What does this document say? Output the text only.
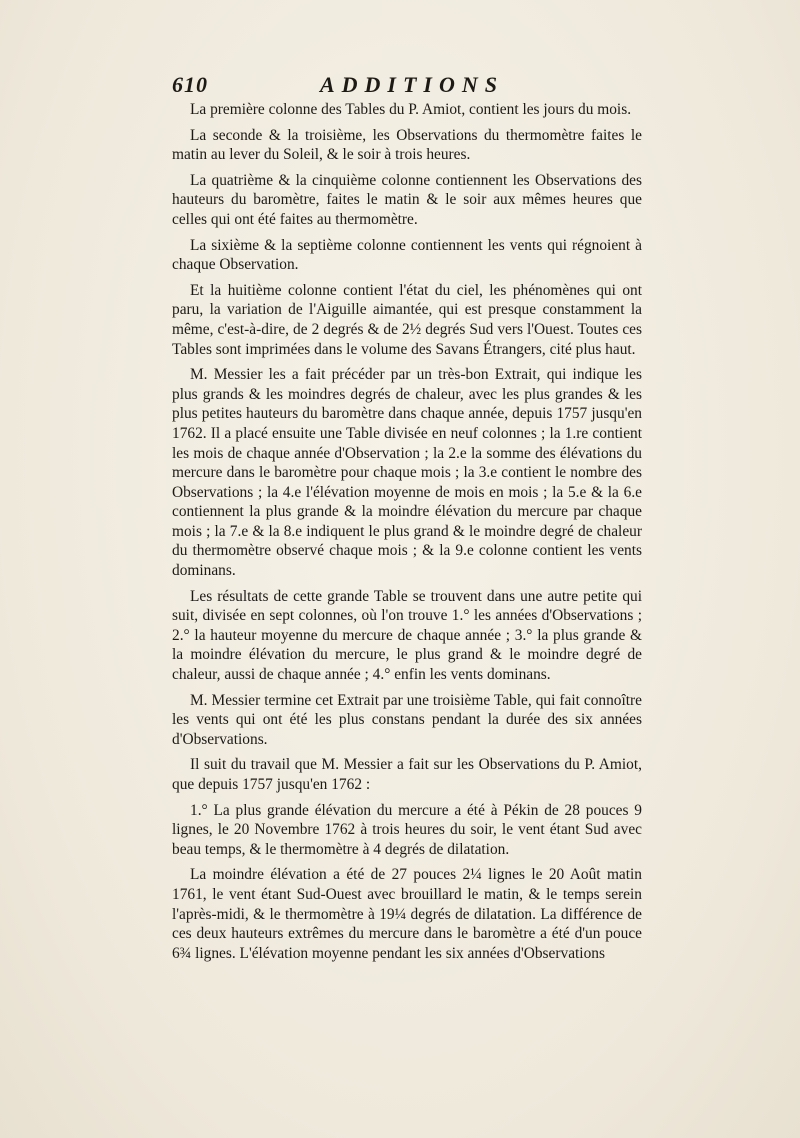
610	ADDITIONS

La première colonne des Tables du P. Amiot, contient les jours du mois.

La seconde & la troisième, les Observations du thermomètre faites le matin au lever du Soleil, & le soir à trois heures.

La quatrième & la cinquième colonne contiennent les Observations des hauteurs du baromètre, faites le matin & le soir aux mêmes heures que celles qui ont été faites au thermomètre.

La sixième & la septième colonne contiennent les vents qui régnoient à chaque Observation.

Et la huitième colonne contient l'état du ciel, les phénomènes qui ont paru, la variation de l'Aiguille aimantée, qui est presque constamment la même, c'est-à-dire, de 2 degrés & de 2½ degrés Sud vers l'Ouest. Toutes ces Tables sont imprimées dans le volume des Savans Étrangers, cité plus haut.

M. Messier les a fait précéder par un très-bon Extrait, qui indique les plus grands & les moindres degrés de chaleur, avec les plus grandes & les plus petites hauteurs du baromètre dans chaque année, depuis 1757 jusqu'en 1762. Il a placé ensuite une Table divisée en neuf colonnes ; la 1.re contient les mois de chaque année d'Observation ; la 2.e la somme des élévations du mercure dans le baromètre pour chaque mois ; la 3.e contient le nombre des Observations ; la 4.e l'élévation moyenne de mois en mois ; la 5.e & la 6.e contiennent la plus grande & la moindre élévation du mercure par chaque mois ; la 7.e & la 8.e indiquent le plus grand & le moindre degré de chaleur du thermomètre observé chaque mois ; & la 9.e colonne contient les vents dominans.

Les résultats de cette grande Table se trouvent dans une autre petite qui suit, divisée en sept colonnes, où l'on trouve 1.° les années d'Observations ; 2.° la hauteur moyenne du mercure de chaque année ; 3.° la plus grande & la moindre élévation du mercure, le plus grand & le moindre degré de chaleur, aussi de chaque année ; 4.° enfin les vents dominans.

M. Messier termine cet Extrait par une troisième Table, qui fait connoître les vents qui ont été les plus constans pendant la durée des six années d'Observations.

Il suit du travail que M. Messier a fait sur les Observations du P. Amiot, que depuis 1757 jusqu'en 1762 :

1.° La plus grande élévation du mercure a été à Pékin de 28 pouces 9 lignes, le 20 Novembre 1762 à trois heures du soir, le vent étant Sud avec beau temps, & le thermomètre à 4 degrés de dilatation.

La moindre élévation a été de 27 pouces 2¼ lignes le 20 Août matin 1761, le vent étant Sud-Ouest avec brouillard le matin, & le temps serein l'après-midi, & le thermomètre à 19¼ degrés de dilatation. La différence de ces deux hauteurs extrêmes du mercure dans le baromètre a été d'un pouce 6¾ lignes. L'élévation moyenne pendant les six années d'Observations
